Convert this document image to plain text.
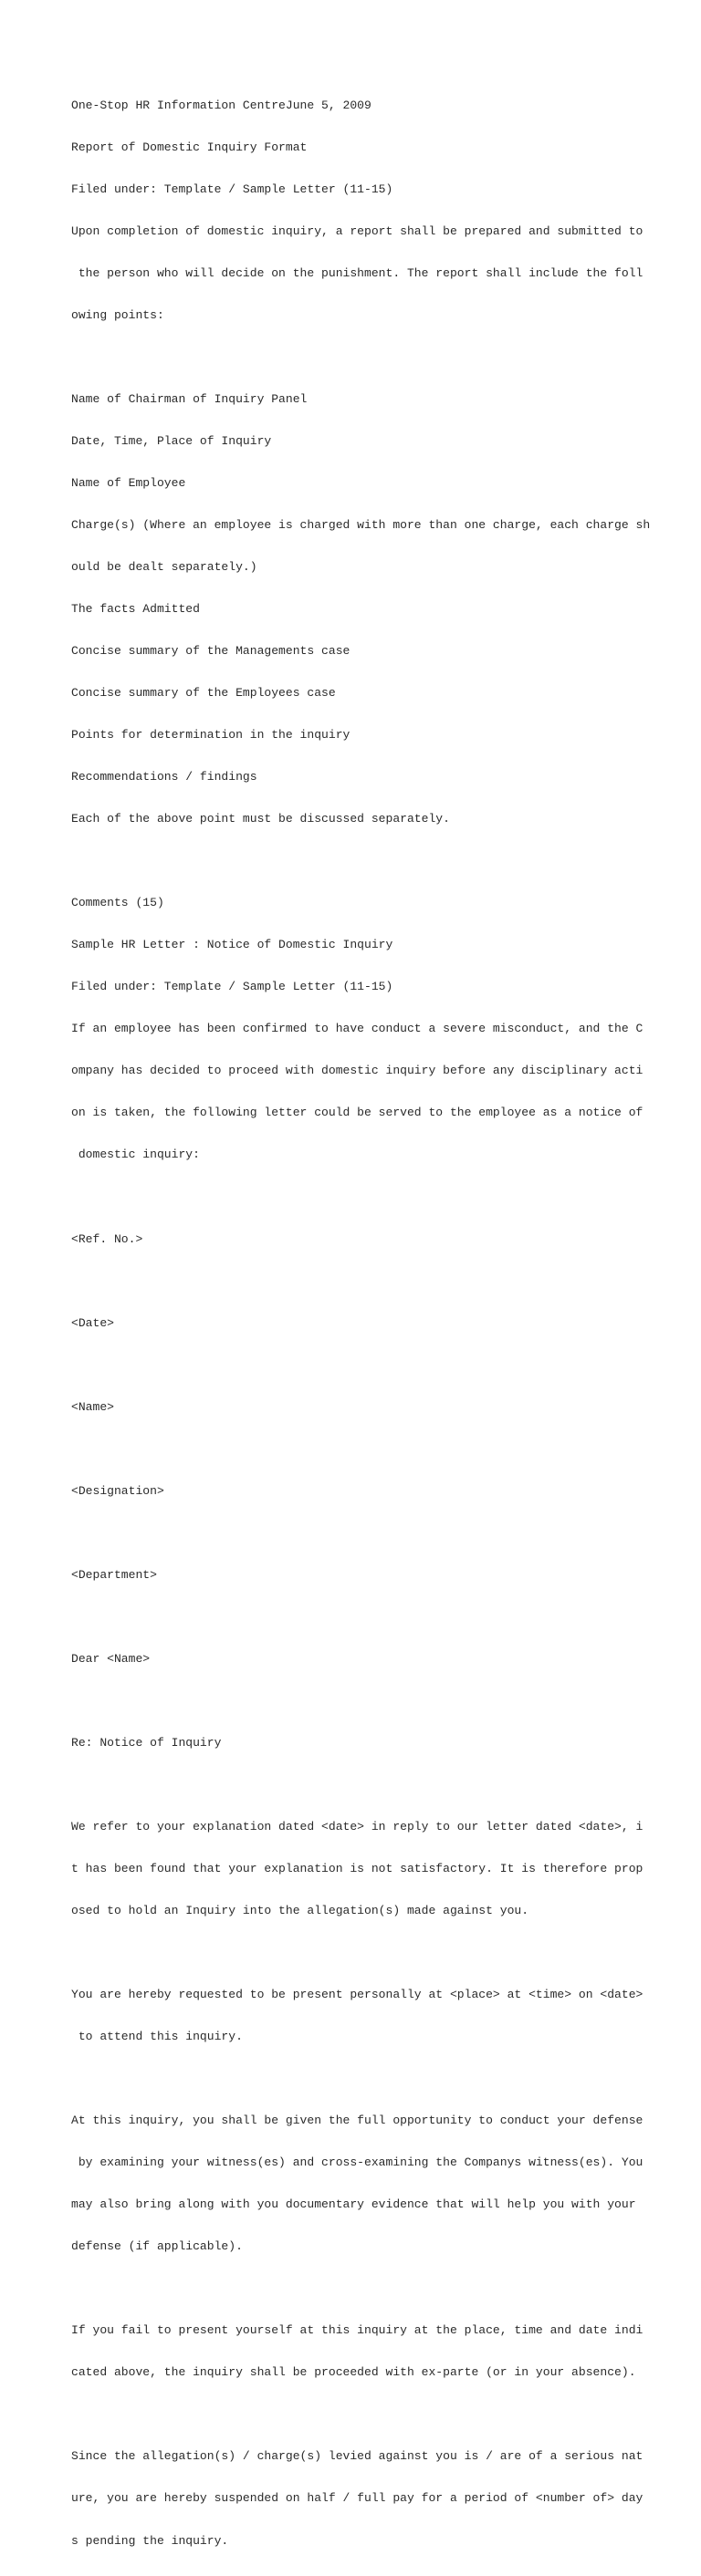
One-Stop HR Information CentreJune 5, 2009

Report of Domestic Inquiry Format

Filed under: Template / Sample Letter (11-15)

Upon completion of domestic inquiry, a report shall be prepared and submitted to

the person who will decide on the punishment. The report shall include the foll

owing points:

Name of Chairman of Inquiry Panel

Date, Time, Place of Inquiry

Name of Employee

Charge(s) (Where an employee is charged with more than one charge, each charge sh

ould be dealt separately.)

The facts Admitted

Concise summary of the Managements case

Concise summary of the Employees case

Points for determination in the inquiry

Recommendations / findings

Each of the above point must be discussed separately.

Comments (15)

Sample HR Letter : Notice of Domestic Inquiry

Filed under: Template / Sample Letter (11-15)

If an employee has been confirmed to have conduct a severe misconduct, and the C

ompany has decided to proceed with domestic inquiry before any disciplinary acti

on is taken, the following letter could be served to the employee as a notice of

domestic inquiry:

<Ref. No.>

<Date>

<Name>

<Designation>

<Department>

Dear <Name>

Re: Notice of Inquiry

We refer to your explanation dated <date> in reply to our letter dated <date>, i

t has been found that your explanation is not satisfactory. It is therefore prop

osed to hold an Inquiry into the allegation(s) made against you.

You are hereby requested to be present personally at <place> at <time> on <date>

to attend this inquiry.

At this inquiry, you shall be given the full opportunity to conduct your defense

by examining your witness(es) and cross-examining the Companys witness(es). You

may also bring along with you documentary evidence that will help you with your

defense (if applicable).

If you fail to present yourself at this inquiry at the place, time and date indi

cated above, the inquiry shall be proceeded with ex-parte (or in your absence).

Since the allegation(s) / charge(s) levied against you is / are of a serious nat

ure, you are hereby suspended on half / full pay for a period of <number of> day

s pending the inquiry.
